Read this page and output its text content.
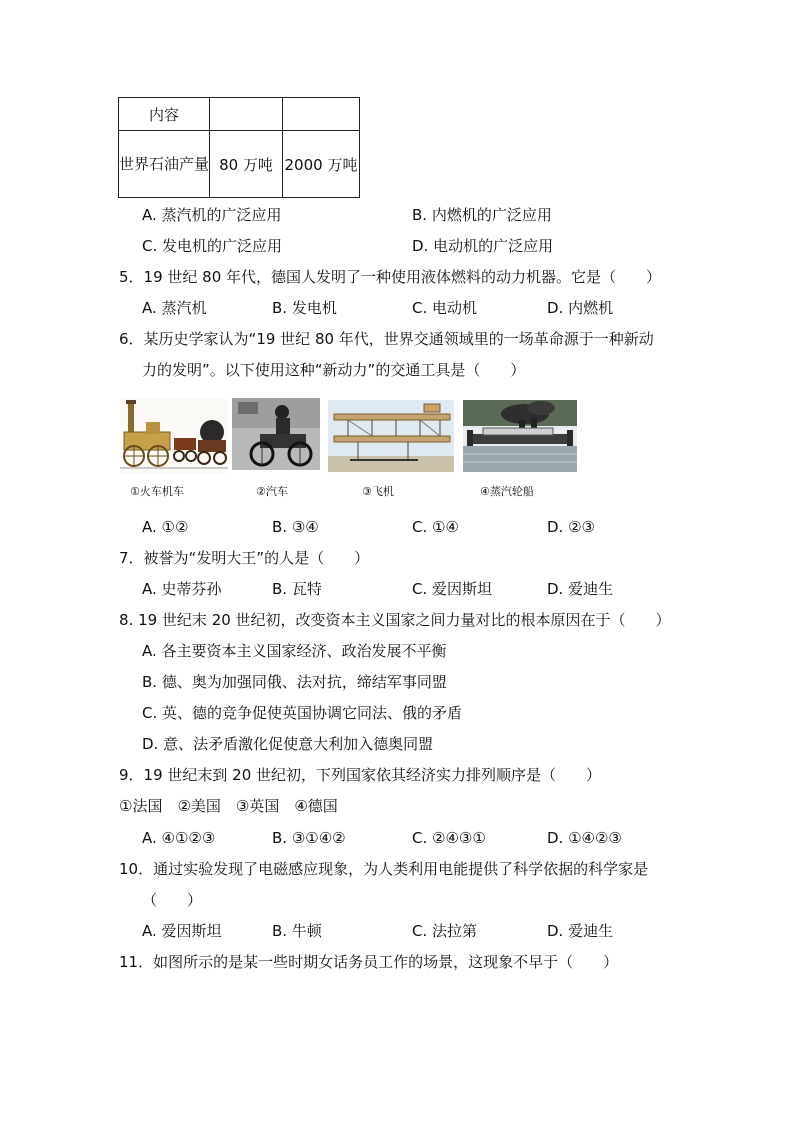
内容		

世界石油产量	80 万吨	2000 万吨
A. 蒸汽机的广泛应用	B. 内燃机的广泛应用
C. 发电机的广泛应用	D. 电动机的广泛应用
5．19 世纪 80 年代，德国人发明了一种使用液体燃料的动力机器。它是（　　）
A. 蒸汽机	B. 发电机	C. 电动机	D. 内燃机
6．某历史学家认为“19 世纪 80 年代，世界交通领域里的一场革命源于一种新动
力的发明”。以下使用这种“新动力”的交通工具是（　　）
①火车机车	②汽车	③飞机	④蒸汽轮船
A. ①②	B. ③④	C. ①④	D. ②③
7．被誉为“发明大王”的人是（　　）
A. 史蒂芬孙	B. 瓦特	C. 爱因斯坦	D. 爱迪生
8. 19 世纪末 20 世纪初，改变资本主义国家之间力量对比的根本原因在于（　　）
A. 各主要资本主义国家经济、政治发展不平衡
B. 德、奥为加强同俄、法对抗，缔结军事同盟
C. 英、德的竞争促使英国协调它同法、俄的矛盾
D. 意、法矛盾激化促使意大利加入德奥同盟
9．19 世纪末到 20 世纪初，下列国家依其经济实力排列顺序是（　　）
①法国　②美国　③英国　④德国
A. ④①②③	B. ③①④②	C. ②④③①	D. ①④②③
10．通过实验发现了电磁感应现象，为人类利用电能提供了科学依据的科学家是
（　　）
A. 爱因斯坦	B. 牛顿	C. 法拉第	D. 爱迪生
11．如图所示的是某一些时期女话务员工作的场景，这现象不早于（　　）
